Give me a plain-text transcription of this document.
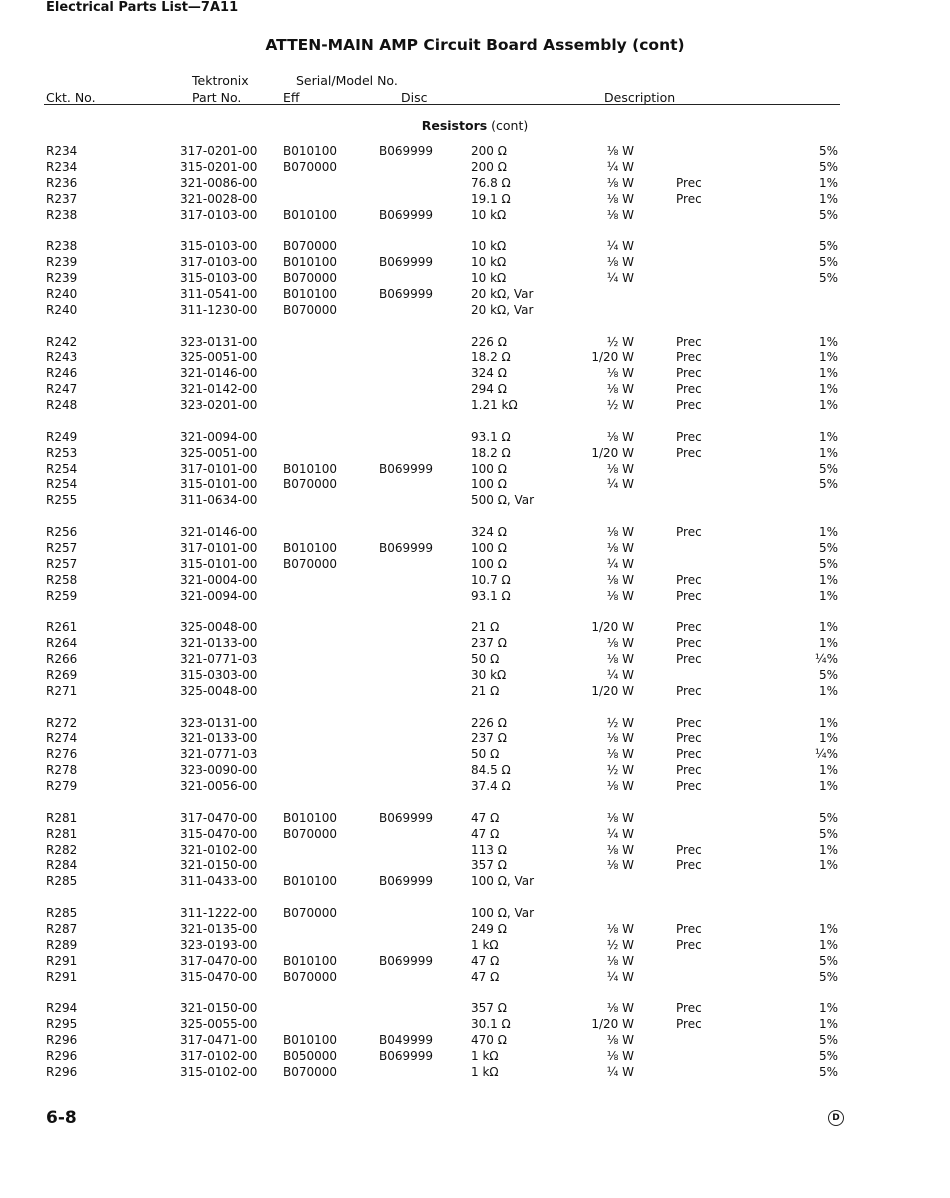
Electrical Parts List—7A11
ATTEN-MAIN AMP Circuit Board Assembly (cont)
Tektronix	Serial/Model No.
Ckt. No.	Part No.	Eff	Disc	Description
Resistors (cont)
R234	317-0201-00 B010100	B069999	200 Ω	⅛ W	5%
R234	315-0201-00 B070000	200 Ω	¼ W	5%
R236	321-0086-00	76.8 Ω	⅛ W	Prec	1%
R237	321-0028-00	19.1 Ω	⅛ W	Prec	1%
R238	317-0103-00 B010100	B069999	10 kΩ	⅛ W	5%
R238	315-0103-00 B070000	10 kΩ	¼ W	5%
R239	317-0103-00 B010100	B069999	10 kΩ	⅛ W	5%
R239	315-0103-00 B070000	10 kΩ	¼ W	5%
R240	311-0541-00 B010100	B069999	20 kΩ, Var
R240	311-1230-00 B070000	20 kΩ, Var
R242	323-0131-00	226 Ω	½ W	Prec	1%
R243	325-0051-00	18.2 Ω	1/20 W	Prec	1%
R246	321-0146-00	324 Ω	⅛ W	Prec	1%
R247	321-0142-00	294 Ω	⅛ W	Prec	1%
R248	323-0201-00	1.21 kΩ	½ W	Prec	1%
R249	321-0094-00	93.1 Ω	⅛ W	Prec	1%
R253	325-0051-00	18.2 Ω	1/20 W	Prec	1%
R254	317-0101-00 B010100	B069999	100 Ω	⅛ W	5%
R254	315-0101-00 B070000	100 Ω	¼ W	5%
R255	311-0634-00	500 Ω, Var
R256	321-0146-00	324 Ω	⅛ W	Prec	1%
R257	317-0101-00 B010100	B069999	100 Ω	⅛ W	5%
R257	315-0101-00 B070000	100 Ω	¼ W	5%
R258	321-0004-00	10.7 Ω	⅛ W	Prec	1%
R259	321-0094-00	93.1 Ω	⅛ W	Prec	1%
R261	325-0048-00	21 Ω	1/20 W	Prec	1%
R264	321-0133-00	237 Ω	⅛ W	Prec	1%
R266	321-0771-03	50 Ω	⅛ W	Prec	¼%
R269	315-0303-00	30 kΩ	¼ W	5%
R271	325-0048-00	21 Ω	1/20 W	Prec	1%
R272	323-0131-00	226 Ω	½ W	Prec	1%
R274	321-0133-00	237 Ω	⅛ W	Prec	1%
R276	321-0771-03	50 Ω	⅛ W	Prec	¼%
R278	323-0090-00	84.5 Ω	½ W	Prec	1%
R279	321-0056-00	37.4 Ω	⅛ W	Prec	1%
R281	317-0470-00 B010100	B069999	47 Ω	⅛ W	5%
R281	315-0470-00 B070000	47 Ω	¼ W	5%
R282	321-0102-00	113 Ω	⅛ W	Prec	1%
R284	321-0150-00	357 Ω	⅛ W	Prec	1%
R285	311-0433-00 B010100	B069999	100 Ω, Var
R285	311-1222-00 B070000	100 Ω, Var
R287	321-0135-00	249 Ω	⅛ W	Prec	1%
R289	323-0193-00	1 kΩ	½ W	Prec	1%
R291	317-0470-00 B010100	B069999	47 Ω	⅛ W	5%
R291	315-0470-00 B070000	47 Ω	¼ W	5%
R294	321-0150-00	357 Ω	⅛ W	Prec	1%
R295	325-0055-00	30.1 Ω	1/20 W	Prec	1%
R296	317-0471-00 B010100	B049999	470 Ω	⅛ W	5%
R296	317-0102-00 B050000	B069999	1 kΩ	⅛ W	5%
R296	315-0102-00 B070000	1 kΩ	¼ W	5%
6-8	D
